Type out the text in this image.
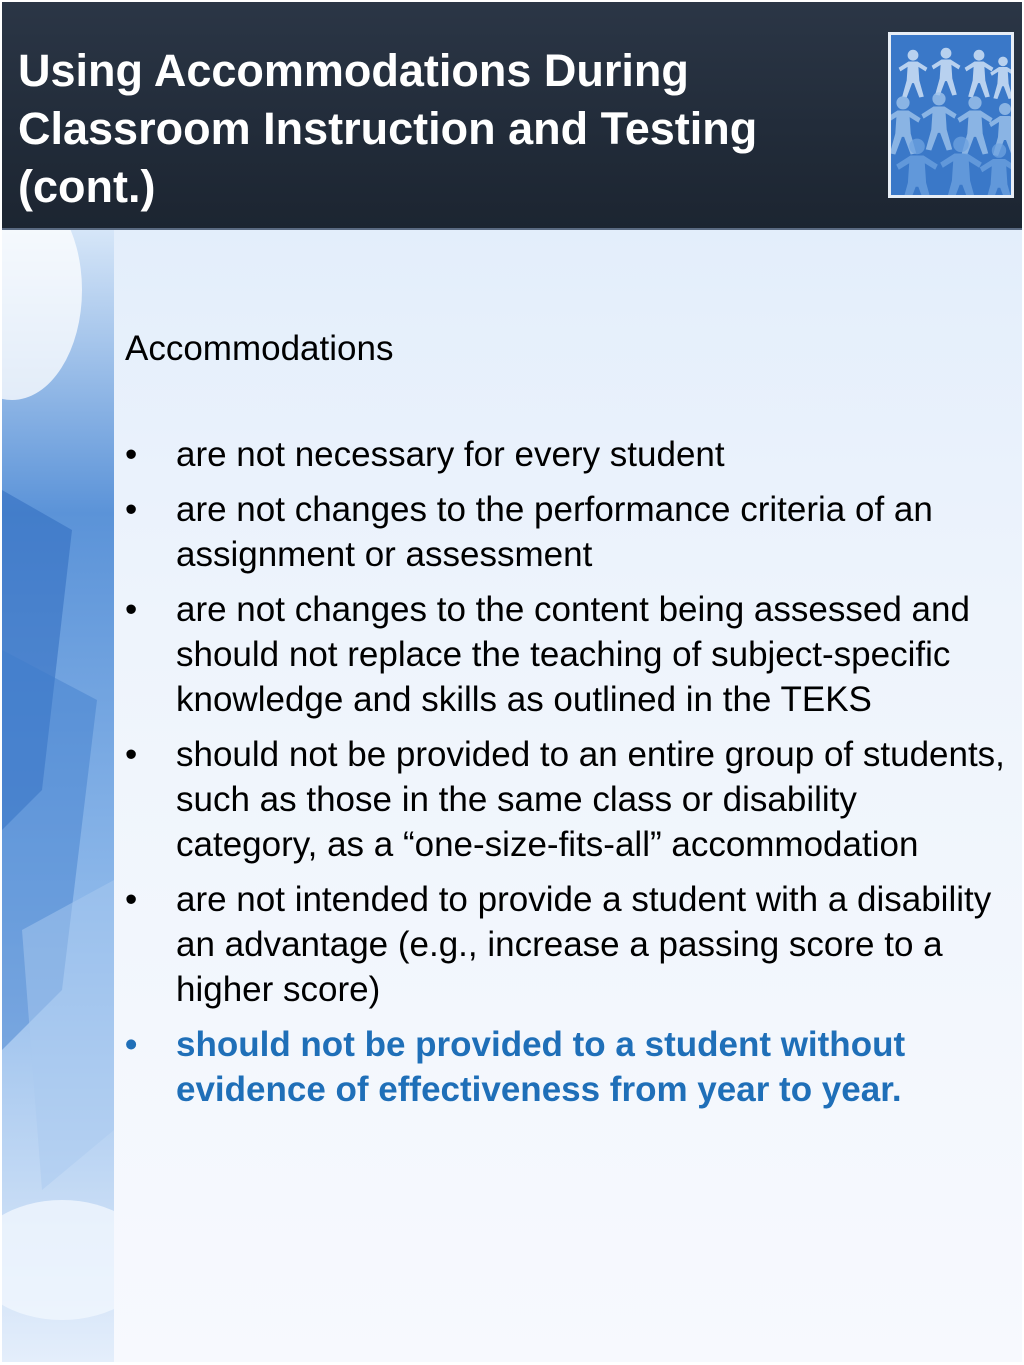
Using Accommodations During Classroom Instruction and Testing (cont.)

Accommodations

• are not necessary for every student
• are not changes to the performance criteria of an assignment or assessment
• are not changes to the content being assessed and should not replace the teaching of subject-specific knowledge and skills as outlined in the TEKS
• should not be provided to an entire group of students, such as those in the same class or disability category, as a “one-size-fits-all” accommodation
• are not intended to provide a student with a disability an advantage (e.g., increase a passing score to a higher score)
• should not be provided to a student without evidence of effectiveness from year to year.
